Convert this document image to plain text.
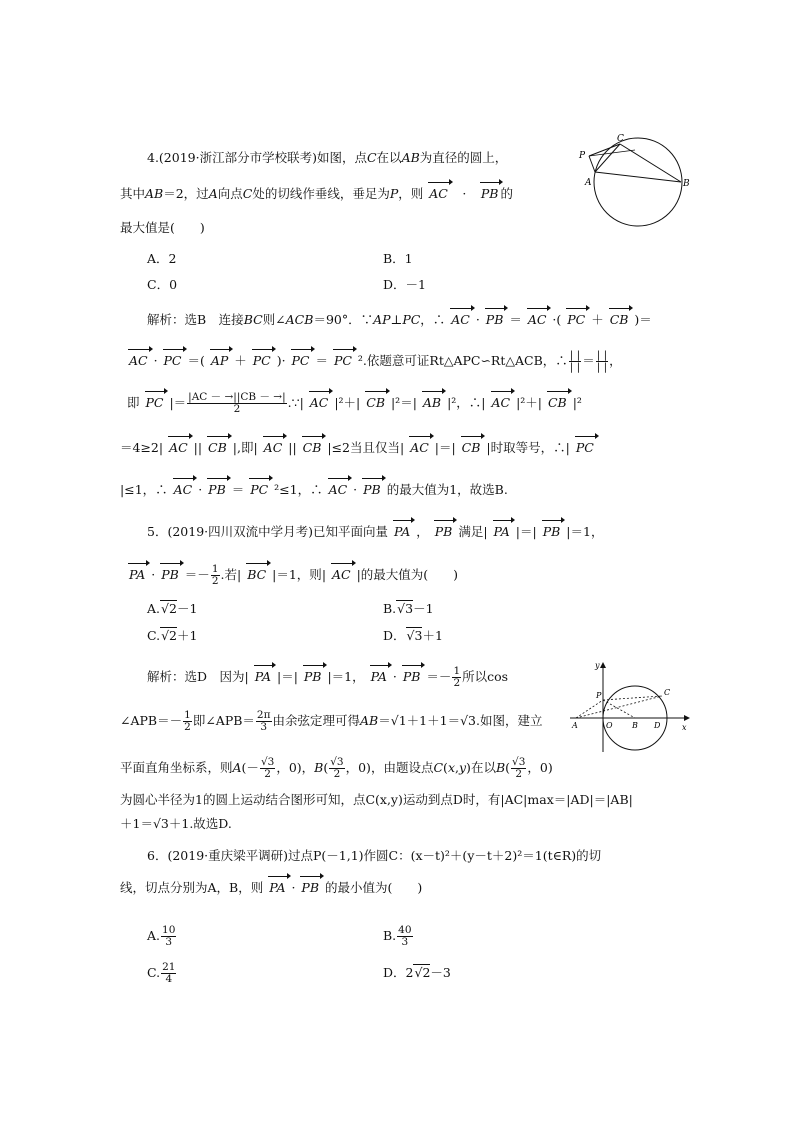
4.(2019·浙江部分市学校联考)如图，点C在以AB为直径的圆上，
其中AB＝2，过A向点C处的切线作垂线，垂足为P，则 AC　·　PB 的
最大值是(　　)
A．2	B．1
C．0	D．－1
C
P
A	B
解析：选B　连接BC则∠ACB＝90°．∵AP⊥PC，∴ AC · PB ＝ AC ·( PC ＋ CB )＝
AC · PC ＝( AP ＋ PC )· PC ＝ PC ².依题意可证Rt△APC∽Rt△ACB，∴ | |
| | ＝ | |
| | ，
即 PC |＝ $\frac{|AC - \to||CB - \to|}{2}$ .∵| AC |²＋| CB |²＝| AB |²，∴| AC |²＋| CB |²
＝4≥2| AC || CB |,即| AC || CB |≤2当且仅当| AC |＝| CB |时取等号，∴| PC
|≤1，∴ AC · PB ＝ PC ²≤1，∴ AC · PB 的最大值为1，故选B.
5．(2019·四川双流中学月考)已知平面向量 PA ， PB 满足| PA |＝| PB |＝1，
PA · PB ＝－ $\frac{1}{2}$ .若| BC |＝1，则| AC |的最大值为(　　)
A.√2－1	B.√3－1
C.√2＋1	D．√3＋1
y
P	C
A	O B D	x
解析：选D　因为| PA |＝| PB |＝1， PA · PB ＝－ $\frac{1}{2}$ 所以cos
∠APB＝－ $\frac{1}{2}$ 即∠APB＝ $\frac{2\pi}{3}$ 由余弦定理可得AB＝√1＋1＋1＝√3.如图，建立
平面直角坐标系，则$A(- \frac{√3}{2}$ ，0)，$B( \frac{√3}{2}$ ，0)，由题设点C(x,y)在以$B( \frac{√3}{2}$ ，0)
为圆心半径为1的圆上运动结合图形可知，点C(x,y)运动到点D时，有|AC|max＝|AD|＝|AB|
＋1＝√3＋1.故选D.
6．(2019·重庆梁平调研)过点P(－1,1)作圆C：(x－t)²＋(y－t＋2)²＝1(t∈R)的切
线，切点分别为A，B，则 PA · PB 的最小值为(　　)
A. $\frac{10}{3}$	B. $\frac{40}{3}$
C. $\frac{21}{4}$	D．2√2－3
